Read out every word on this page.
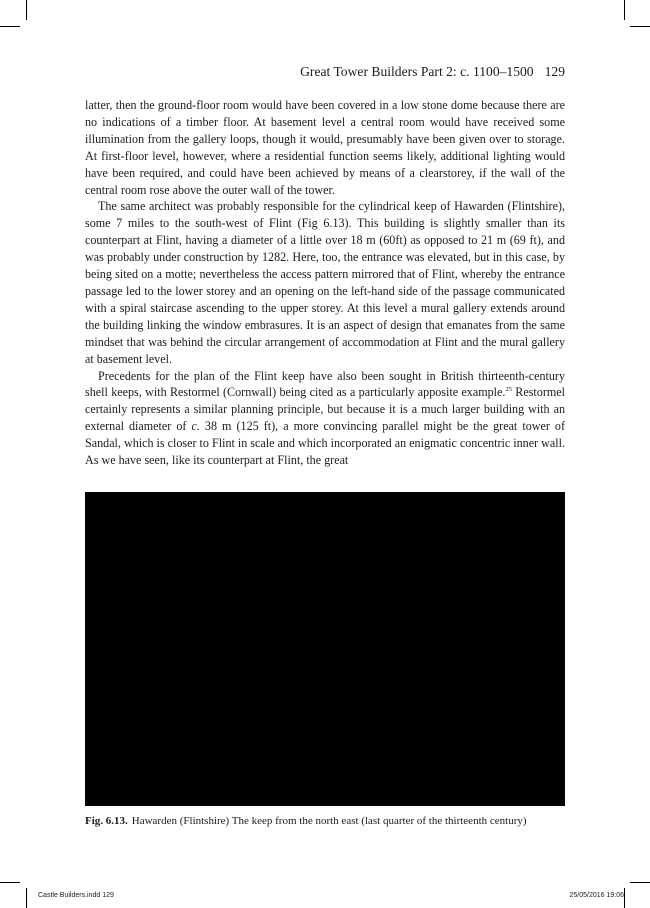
Great Tower Builders Part 2: c. 1100–1500 129

latter, then the ground-floor room would have been covered in a low stone dome because there are no indications of a timber floor. At basement level a central room would have received some illumination from the gallery loops, though it would, presumably have been given over to storage. At first-floor level, however, where a residential function seems likely, additional lighting would have been required, and could have been achieved by means of a clearstorey, if the wall of the central room rose above the outer wall of the tower.

The same architect was probably responsible for the cylindrical keep of Hawarden (Flintshire), some 7 miles to the south-west of Flint (Fig 6.13). This building is slightly smaller than its counterpart at Flint, having a diameter of a little over 18 m (60ft) as opposed to 21 m (69 ft), and was probably under construction by 1282. Here, too, the entrance was elevated, but in this case, by being sited on a motte; nevertheless the access pattern mirrored that of Flint, whereby the entrance passage led to the lower storey and an opening on the left-hand side of the passage communicated with a spiral staircase ascending to the upper storey. At this level a mural gallery extends around the building linking the window embrasures. It is an aspect of design that emanates from the same mindset that was behind the circular arrangement of accommodation at Flint and the mural gallery at basement level.

Precedents for the plan of the Flint keep have also been sought in British thirteenth-century shell keeps, with Restormel (Cornwall) being cited as a particularly apposite example.$^{25}$ Restormel certainly represents a similar planning principle, but because it is a much larger building with an external diameter of c. 38 m (125 ft), a more convincing parallel might be the great tower of Sandal, which is closer to Flint in scale and which incorporated an enigmatic concentric inner wall. As we have seen, like its counterpart at Flint, the great

Fig. 6.13. Hawarden (Flintshire) The keep from the north east (last quarter of the thirteenth century)
Castle Builders.indd 129	25/05/2016 19:06
